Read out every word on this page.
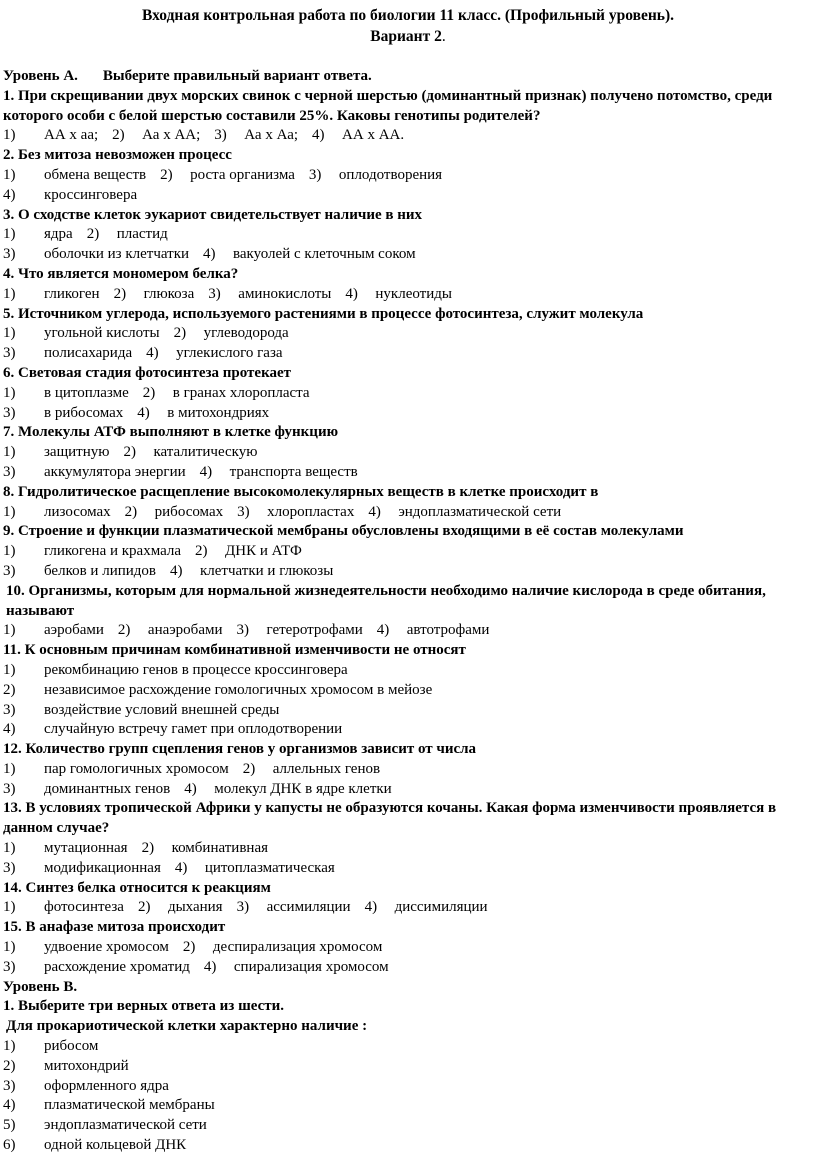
Входная контрольная работа по биологии 11 класс. (Профильный уровень).
Вариант 2.
Уровень А. Выберите правильный вариант ответа.
1. При скрещивании двух морских свинок с черной шерстью (доминантный признак) получено потомство, среди которого особи с белой шерстью составили 25%. Каковы генотипы родителей?
1) АА х аа; 2) Аа х АА; 3) Аа х Аа; 4) АА х АА.
2. Без митоза невозможен процесс
1) обмена веществ 2) роста организма 3) оплодотворения
4) кроссинговера
3. О сходстве клеток эукариот свидетельствует наличие в них
1) ядра 2) пластид
3) оболочки из клетчатки 4) вакуолей с клеточным соком
4. Что является мономером белка?
1) гликоген 2) глюкоза 3) аминокислоты 4) нуклеотиды
5. Источником углерода, используемого растениями в процессе фотосинтеза, служит молекула
1) угольной кислоты 2) углеводорода
3) полисахарида 4) углекислого газа
6. Световая стадия фотосинтеза протекает
1) в цитоплазме 2) в гранах хлоропласта
3) в рибосомах 4) в митохондриях
7. Молекулы АТФ выполняют в клетке функцию
1) защитную 2) каталитическую
3) аккумулятора энергии 4) транспорта веществ
8. Гидролитическое расщепление высокомолекулярных веществ в клетке происходит в
1) лизосомах 2) рибосомах 3) хлоропластах 4) эндоплазматической сети
9. Строение и функции плазматической мембраны обусловлены входящими в её состав молекулами
1) гликогена и крахмала 2) ДНК и АТФ
3) белков и липидов 4) клетчатки и глюкозы
10. Организмы, которым для нормальной жизнедеятельности необходимо наличие кислорода в среде обитания, называют
1) аэробами 2) анаэробами 3) гетеротрофами 4) автотрофами
11. К основным причинам комбинативной изменчивости не относят
1) рекомбинацию генов в процессе кроссинговера
2) независимое расхождение гомологичных хромосом в мейозе
3) воздействие условий внешней среды
4) случайную встречу гамет при оплодотворении
12. Количество групп сцепления генов у организмов зависит от числа
1) пар гомологичных хромосом 2) аллельных генов
3) доминантных генов 4) молекул ДНК в ядре клетки
13. В условиях тропической Африки у капусты не образуются кочаны. Какая форма изменчивости проявляется в данном случае?
1) мутационная 2) комбинативная
3) модификационная 4) цитоплазматическая
14. Синтез белка относится к реакциям
1) фотосинтеза 2) дыхания 3) ассимиляции 4) диссимиляции
15. В анафазе митоза происходит
1) удвоение хромосом 2) деспирализация хромосом
3) расхождение хроматид 4) спирализация хромосом
Уровень В.
1. Выберите три верных ответа из шести.
Для прокариотической клетки характерно наличие :
1) рибосом
2) митохондрий
3) оформленного ядра
4) плазматической мембраны
5) эндоплазматической сети
6) одной кольцевой ДНК
